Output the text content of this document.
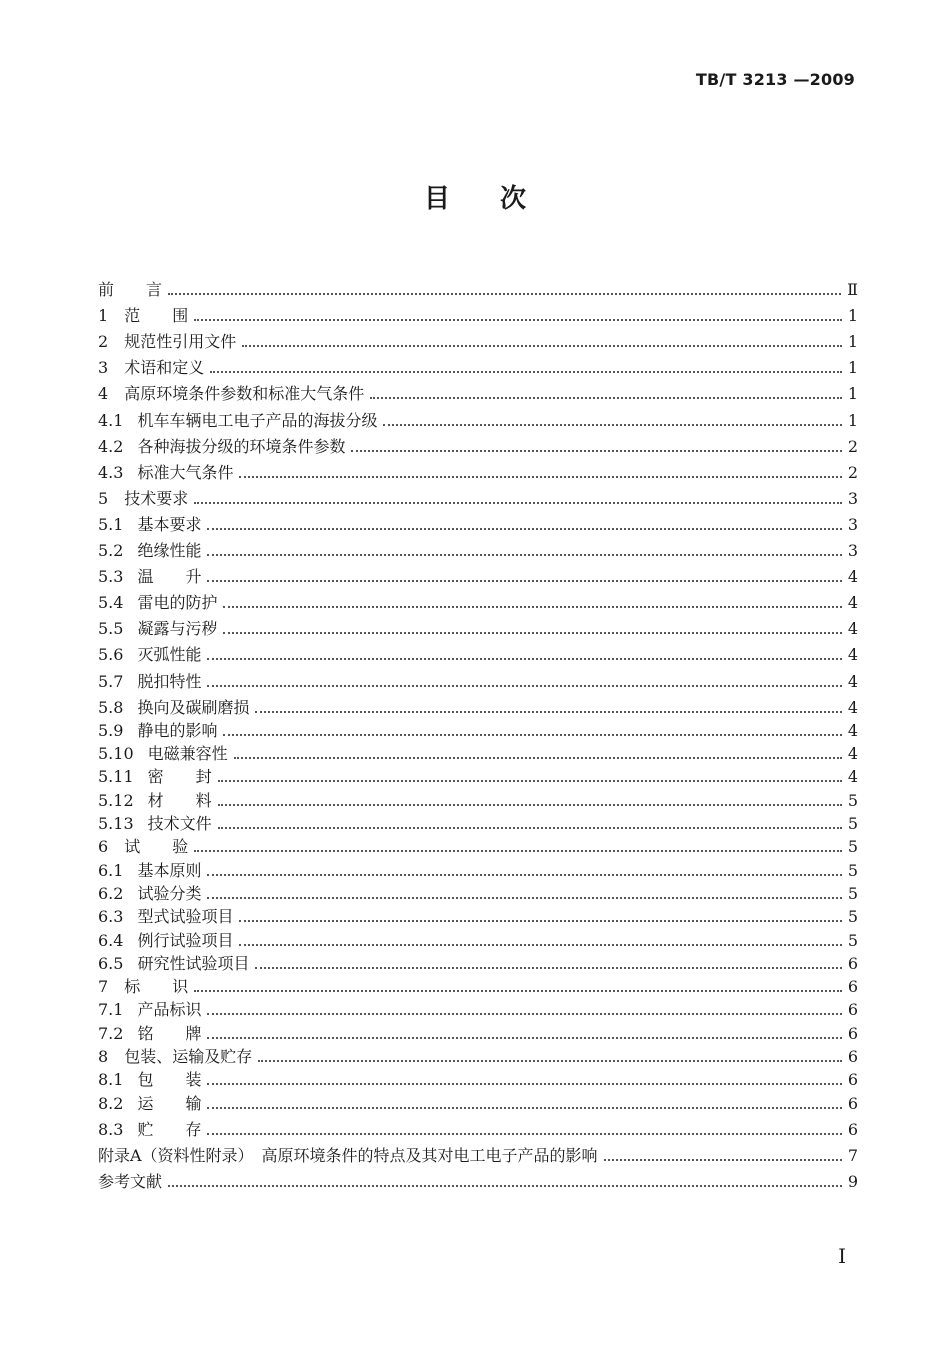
TB/T 3213 —2009
目次
前　　言	Ⅱ
1 范　　围	1
2 规范性引用文件	1
3 术语和定义	1
4 高原环境条件参数和标准大气条件	1
4.1 机车车辆电工电子产品的海拔分级	1
4.2 各种海拔分级的环境条件参数	2
4.3 标准大气条件	2
5 技术要求	3
5.1 基本要求	3
5.2 绝缘性能	3
5.3 温　　升	4
5.4 雷电的防护	4
5.5 凝露与污秽	4
5.6 灭弧性能	4
5.7 脱扣特性	4
5.8 换向及碳刷磨损	4
5.9 静电的影响	4
5.10 电磁兼容性	4
5.11 密　　封	4
5.12 材　　料	5
5.13 技术文件	5
6 试　　验	5
6.1 基本原则	5
6.2 试验分类	5
6.3 型式试验项目	5
6.4 例行试验项目	5
6.5 研究性试验项目	6
7 标　　识	6
7.1 产品标识	6
7.2 铭　　牌	6
8 包装、运输及贮存	6
8.1 包　　装	6
8.2 运　　输	6
8.3 贮　　存	6
附录A（资料性附录）　高原环境条件的特点及其对电工电子产品的影响	7
参考文献	9
I
